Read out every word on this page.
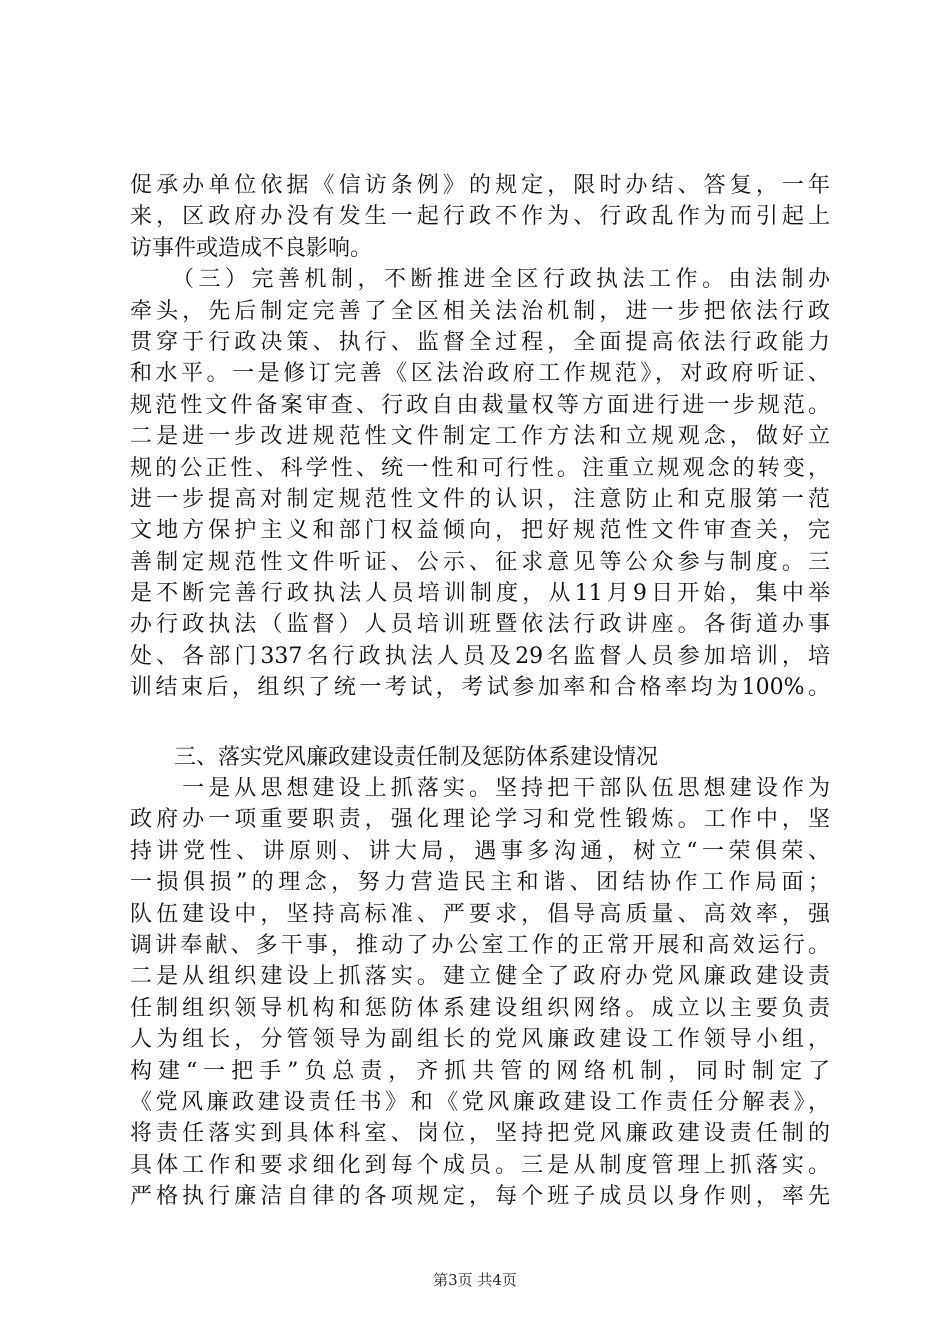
促承办单位依据《信访条例》的规定，限时办结、答复，一年
来，区政府办没有发生一起行政不作为、行政乱作为而引起上
访事件或造成不良影响。
　　（三）完善机制，不断推进全区行政执法工作。由法制办
牵头，先后制定完善了全区相关法治机制，进一步把依法行政
贯穿于行政决策、执行、监督全过程，全面提高依法行政能力
和水平。一是修订完善《区法治政府工作规范》，对政府听证、
规范性文件备案审查、行政自由裁量权等方面进行进一步规范。
二是进一步改进规范性文件制定工作方法和立规观念，做好立
规的公正性、科学性、统一性和可行性。注重立规观念的转变，
进一步提高对制定规范性文件的认识，注意防止和克服第一范
文地方保护主义和部门权益倾向，把好规范性文件审查关，完
善制定规范性文件听证、公示、征求意见等公众参与制度。三
是不断完善行政执法人员培训制度，从11月9日开始，集中举
办行政执法（监督）人员培训班暨依法行政讲座。各街道办事
处、各部门337名行政执法人员及29名监督人员参加培训，培
训结束后，组织了统一考试，考试参加率和合格率均为100%。
　　三、落实党风廉政建设责任制及惩防体系建设情况
　　一是从思想建设上抓落实。坚持把干部队伍思想建设作为
政府办一项重要职责，强化理论学习和党性锻炼。工作中，坚
持讲党性、讲原则、讲大局，遇事多沟通，树立“一荣俱荣、
一损俱损”的理念，努力营造民主和谐、团结协作工作局面；
队伍建设中，坚持高标准、严要求，倡导高质量、高效率，强
调讲奉献、多干事，推动了办公室工作的正常开展和高效运行。
二是从组织建设上抓落实。建立健全了政府办党风廉政建设责
任制组织领导机构和惩防体系建设组织网络。成立以主要负责
人为组长，分管领导为副组长的党风廉政建设工作领导小组，
构建“一把手”负总责，齐抓共管的网络机制，同时制定了
《党风廉政建设责任书》和《党风廉政建设工作责任分解表》，
将责任落实到具体科室、岗位，坚持把党风廉政建设责任制的
具体工作和要求细化到每个成员。三是从制度管理上抓落实。
严格执行廉洁自律的各项规定，每个班子成员以身作则，率先
第3页 共4页
